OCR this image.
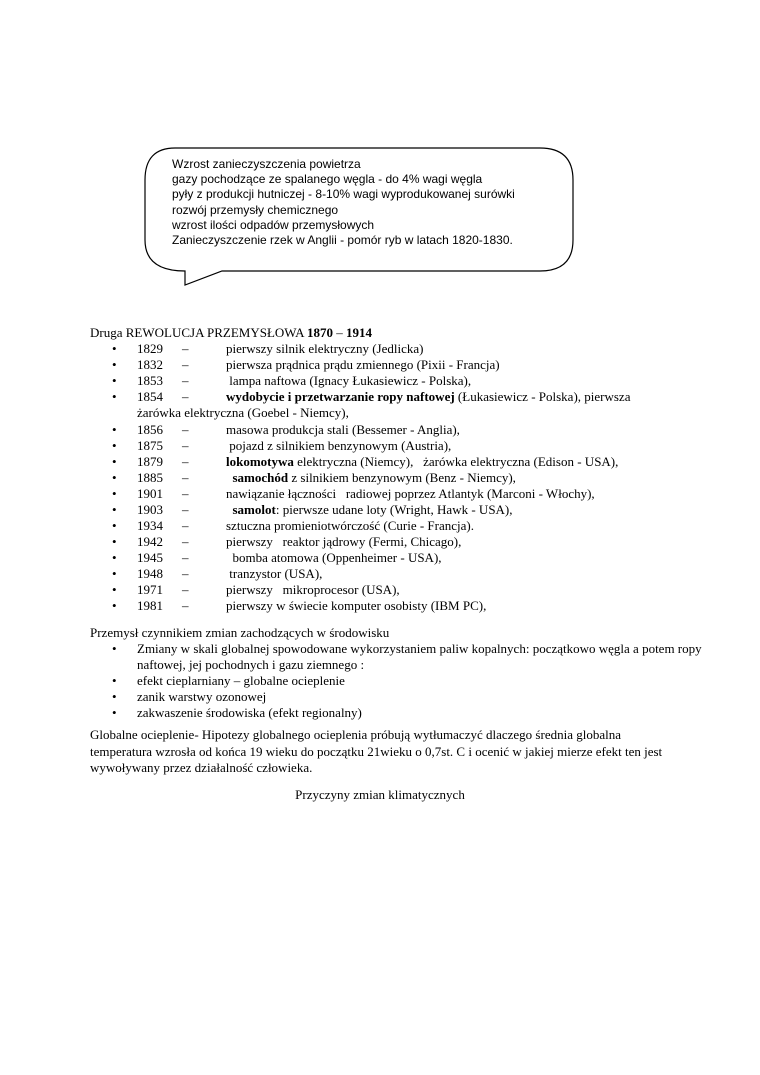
Wzrost zanieczyszczenia powietrza
gazy pochodzące ze spalanego węgla - do 4% wagi węgla
pyły z produkcji hutniczej - 8-10% wagi wyprodukowanej surówki
rozwój przemysły chemicznego
wzrost ilości odpadów przemysłowych
Zanieczyszczenie rzek w Anglii - pomór ryb w latach 1820-1830.
Druga REWOLUCJA PRZEMYSŁOWA 1870 – 1914
• 1829 –	pierwszy silnik elektryczny (Jedlicka)
• 1832 –	pierwsza prądnica prądu zmiennego (Pixii - Francja)
• 1853 –	lampa naftowa (Ignacy Łukasiewicz - Polska),
• 1854 –	wydobycie i przetwarzanie ropy naftowej (Łukasiewicz - Polska), pierwsza
żarówka elektryczna (Goebel - Niemcy),
• 1856 –	masowa produkcja stali (Bessemer - Anglia),
• 1875 –	pojazd z silnikiem benzynowym (Austria),
• 1879 –	lokomotywa elektryczna (Niemcy),   żarówka elektryczna (Edison - USA),
• 1885 –	samochód z silnikiem benzynowym (Benz - Niemcy),
• 1901 –	nawiązanie łączności   radiowej poprzez Atlantyk (Marconi - Włochy),
• 1903 –	samolot: pierwsze udane loty (Wright, Hawk - USA),
• 1934 –	sztuczna promieniotwórczość (Curie - Francja).
• 1942 –	pierwszy   reaktor jądrowy (Fermi, Chicago),
• 1945 –	bomba atomowa (Oppenheimer - USA),
• 1948 –	tranzystor (USA),
• 1971 –	pierwszy   mikroprocesor (USA),
• 1981 –	pierwszy w świecie komputer osobisty (IBM PC),
Przemysł czynnikiem zmian zachodzących w środowisku
• Zmiany w skali globalnej spowodowane wykorzystaniem paliw kopalnych: początkowo węgla a potem ropy naftowej, jej pochodnych i gazu ziemnego :
• efekt cieplarniany – globalne ocieplenie
• zanik warstwy ozonowej
• zakwaszenie środowiska (efekt regionalny)
Globalne ocieplenie- Hipotezy globalnego ocieplenia próbują wytłumaczyć dlaczego średnia globalna temperatura wzrosła od końca 19 wieku do początku 21wieku o 0,7st. C i ocenić w jakiej mierze efekt ten jest wywoływany przez działalność człowieka.
Przyczyny zmian klimatycznych
